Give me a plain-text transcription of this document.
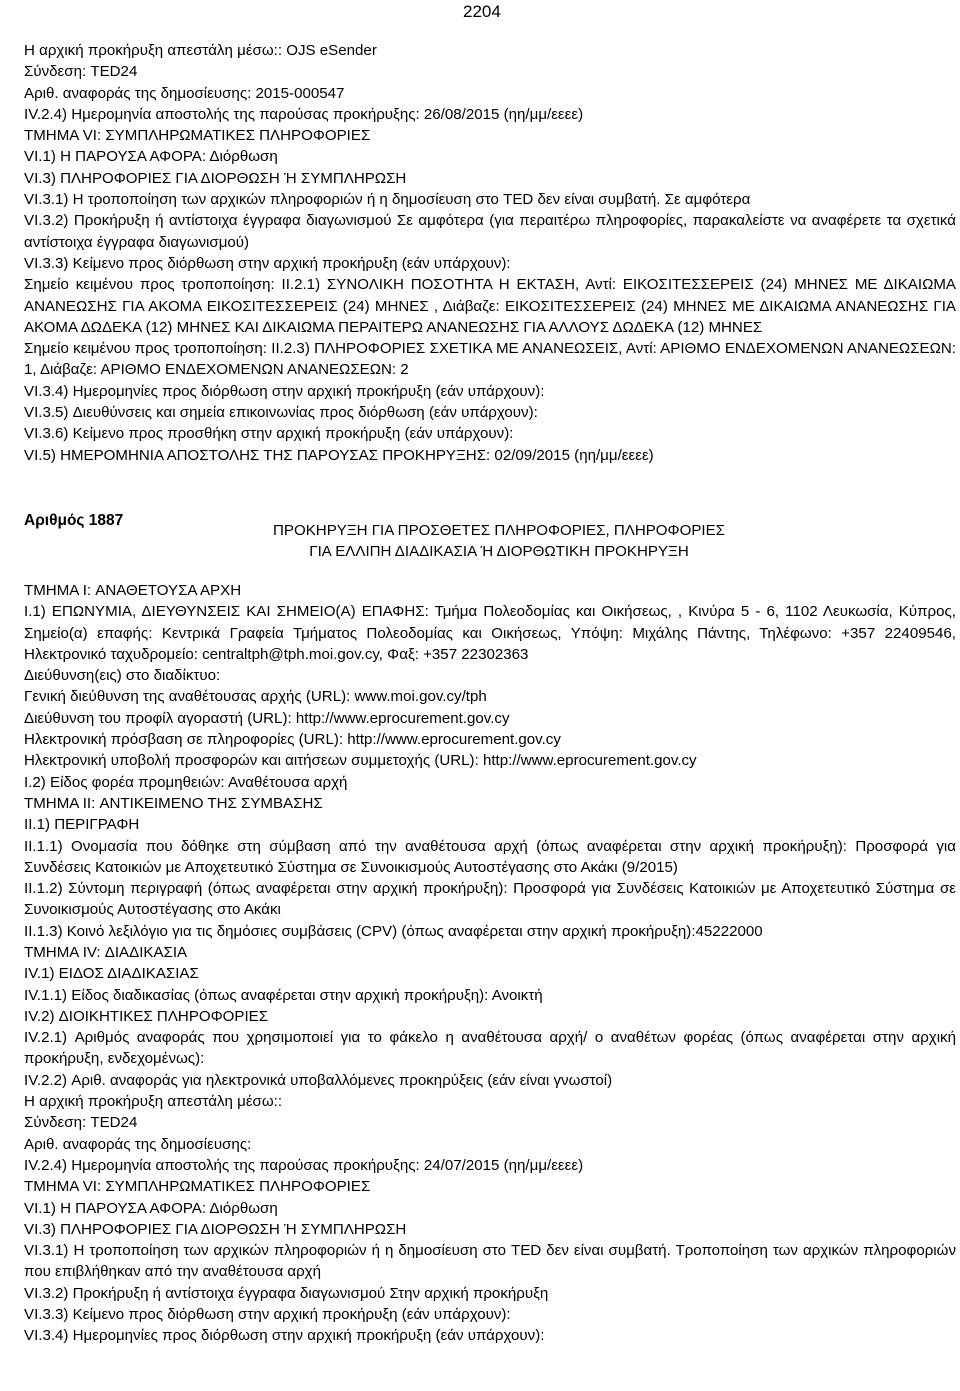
2204

Η αρχική προκήρυξη απεστάλη μέσω:: OJS eSender

Σύνδεση: TED24

Αριθ. αναφοράς της δημοσίευσης: 2015-000547

IV.2.4) Ημερομηνία αποστολής της παρούσας προκήρυξης: 26/08/2015 (ηη/μμ/εεεε)

ΤΜΗΜΑ VI: ΣΥΜΠΛΗΡΩΜΑΤΙΚΕΣ ΠΛΗΡΟΦΟΡΙΕΣ

VI.1) Η ΠΑΡΟΥΣΑ ΑΦΟΡΑ: Διόρθωση

VI.3) ΠΛΗΡΟΦΟΡΙΕΣ ΓΙΑ ΔΙΟΡΘΩΣΗ Ή ΣΥΜΠΛΗΡΩΣΗ

VI.3.1) Η τροποποίηση των αρχικών πληροφοριών ή η δημοσίευση στο TED δεν είναι συμβατή. Σε αμφότερα

VI.3.2) Προκήρυξη ή αντίστοιχα έγγραφα διαγωνισμού Σε αμφότερα (για περαιτέρω πληροφορίες, παρακαλείστε να αναφέρετε τα σχετικά αντίστοιχα έγγραφα διαγωνισμού)

VI.3.3) Κείμενο προς διόρθωση στην αρχική προκήρυξη (εάν υπάρχουν):

Σημείο κειμένου προς τροποποίηση: II.2.1) ΣΥΝΟΛΙΚΗ ΠΟΣΟΤΗΤΑ Η ΕΚΤΑΣΗ, Αντί: ΕΙΚΟΣΙΤΕΣΣΕΡΕΙΣ (24) ΜΗΝΕΣ ΜΕ ΔΙΚΑΙΩΜΑ ΑΝΑΝΕΩΣΗΣ ΓΙΑ ΑΚΟΜΑ ΕΙΚΟΣΙΤΕΣΣΕΡΕΙΣ (24) ΜΗΝΕΣ , Διάβαζε: ΕΙΚΟΣΙΤΕΣΣΕΡΕΙΣ (24) ΜΗΝΕΣ ΜΕ ΔΙΚΑΙΩΜΑ ΑΝΑΝΕΩΣΗΣ ΓΙΑ ΑΚΟΜΑ ΔΩΔΕΚΑ (12) ΜΗΝΕΣ ΚΑΙ ΔΙΚΑΙΩΜΑ ΠΕΡΑΙΤΕΡΩ ΑΝΑΝΕΩΣΗΣ ΓΙΑ ΑΛΛΟΥΣ ΔΩΔΕΚΑ (12) ΜΗΝΕΣ

Σημείο κειμένου προς τροποποίηση: II.2.3) ΠΛΗΡΟΦΟΡΙΕΣ ΣΧΕΤΙΚΑ ΜΕ ΑΝΑΝΕΩΣΕΙΣ, Αντί: ΑΡΙΘΜΟ ΕΝΔΕΧΟΜΕΝΩΝ ΑΝΑΝΕΩΣΕΩΝ: 1, Διάβαζε: ΑΡΙΘΜΟ ΕΝΔΕΧΟΜΕΝΩΝ ΑΝΑΝΕΩΣΕΩΝ: 2

VI.3.4) Ημερομηνίες προς διόρθωση στην αρχική προκήρυξη (εάν υπάρχουν):

VI.3.5) Διευθύνσεις και σημεία επικοινωνίας προς διόρθωση (εάν υπάρχουν):

VI.3.6) Κείμενο προς προσθήκη στην αρχική προκήρυξη (εάν υπάρχουν):

VI.5) ΗΜΕΡΟΜΗΝΙΑ ΑΠΟΣΤΟΛΗΣ ΤΗΣ ΠΑΡΟΥΣΑΣ ΠΡΟΚΗΡΥΞΗΣ: 02/09/2015 (ηη/μμ/εεεε)

Αριθμός 1887
ΠΡΟΚΗΡΥΞΗ ΓΙΑ ΠΡΟΣΘΕΤΕΣ ΠΛΗΡΟΦΟΡΙΕΣ, ΠΛΗΡΟΦΟΡΙΕΣ
ΓΙΑ ΕΛΛΙΠΗ ΔΙΑΔΙΚΑΣΙΑ Ή ΔΙΟΡΘΩΤΙΚΗ ΠΡΟΚΗΡΥΞΗ

ΤΜΗΜΑ I: ΑΝΑΘΕΤΟΥΣΑ ΑΡΧΗ

I.1) ΕΠΩΝΥΜΙΑ, ΔΙΕΥΘΥΝΣΕΙΣ ΚΑΙ ΣΗΜΕΙΟ(Α) ΕΠΑΦΗΣ: Τμήμα Πολεοδομίας και Οικήσεως, , Κινύρα 5 - 6, 1102 Λευκωσία, Κύπρος, Σημείο(α) επαφής: Κεντρικά Γραφεία Τμήματος Πολεοδομίας και Οικήσεως, Υπόψη: Μιχάλης Πάντης, Τηλέφωνο: +357 22409546, Ηλεκτρονικό ταχυδρομείο: centraltph@tph.moi.gov.cy, Φαξ: +357 22302363

Διεύθυνση(εις) στο διαδίκτυο:

Γενική διεύθυνση της αναθέτουσας αρχής (URL): www.moi.gov.cy/tph

Διεύθυνση του προφίλ αγοραστή (URL): http://www.eprocurement.gov.cy

Ηλεκτρονική πρόσβαση σε πληροφορίες (URL): http://www.eprocurement.gov.cy

Ηλεκτρονική υποβολή προσφορών και αιτήσεων συμμετοχής (URL): http://www.eprocurement.gov.cy

I.2) Είδος φορέα προμηθειών: Αναθέτουσα αρχή

ΤΜΗΜΑ II: ΑΝΤΙΚΕΙΜΕΝΟ ΤΗΣ ΣΥΜΒΑΣΗΣ

II.1) ΠΕΡΙΓΡΑΦΗ

II.1.1) Ονομασία που δόθηκε στη σύμβαση από την αναθέτουσα αρχή (όπως αναφέρεται στην αρχική προκήρυξη): Προσφορά για Συνδέσεις Κατοικιών με Αποχετευτικό Σύστημα σε Συνοικισμούς Αυτοστέγασης στο Ακάκι (9/2015)

II.1.2) Σύντομη περιγραφή (όπως αναφέρεται στην αρχική προκήρυξη): Προσφορά για Συνδέσεις Κατοικιών με Αποχετευτικό Σύστημα σε Συνοικισμούς Αυτοστέγασης στο Ακάκι

II.1.3) Κοινό λεξιλόγιο για τις δημόσιες συμβάσεις (CPV) (όπως αναφέρεται στην αρχική προκήρυξη):45222000

ΤΜΗΜΑ IV: ΔΙΑΔΙΚΑΣΙΑ

IV.1) ΕΙΔΟΣ ΔΙΑΔΙΚΑΣΙΑΣ

IV.1.1) Είδος διαδικασίας (όπως αναφέρεται στην αρχική προκήρυξη): Ανοικτή

IV.2) ΔΙΟΙΚΗΤΙΚΕΣ ΠΛΗΡΟΦΟΡΙΕΣ

IV.2.1) Αριθμός αναφοράς που χρησιμοποιεί για το φάκελο η αναθέτουσα αρχή/ ο αναθέτων φορέας (όπως αναφέρεται στην αρχική προκήρυξη, ενδεχομένως):

IV.2.2) Αριθ. αναφοράς για ηλεκτρονικά υποβαλλόμενες προκηρύξεις (εάν είναι γνωστοί)

Η αρχική προκήρυξη απεστάλη μέσω::

Σύνδεση: TED24

Αριθ. αναφοράς της δημοσίευσης:

IV.2.4) Ημερομηνία αποστολής της παρούσας προκήρυξης: 24/07/2015 (ηη/μμ/εεεε)

ΤΜΗΜΑ VI: ΣΥΜΠΛΗΡΩΜΑΤΙΚΕΣ ΠΛΗΡΟΦΟΡΙΕΣ

VI.1) Η ΠΑΡΟΥΣΑ ΑΦΟΡΑ: Διόρθωση

VI.3) ΠΛΗΡΟΦΟΡΙΕΣ ΓΙΑ ΔΙΟΡΘΩΣΗ Ή ΣΥΜΠΛΗΡΩΣΗ

VI.3.1) Η τροποποίηση των αρχικών πληροφοριών ή η δημοσίευση στο TED δεν είναι συμβατή. Τροποποίηση των αρχικών πληροφοριών που επιβλήθηκαν από την αναθέτουσα αρχή

VI.3.2) Προκήρυξη ή αντίστοιχα έγγραφα διαγωνισμού Στην αρχική προκήρυξη

VI.3.3) Κείμενο προς διόρθωση στην αρχική προκήρυξη (εάν υπάρχουν):

VI.3.4) Ημερομηνίες προς διόρθωση στην αρχική προκήρυξη (εάν υπάρχουν):
